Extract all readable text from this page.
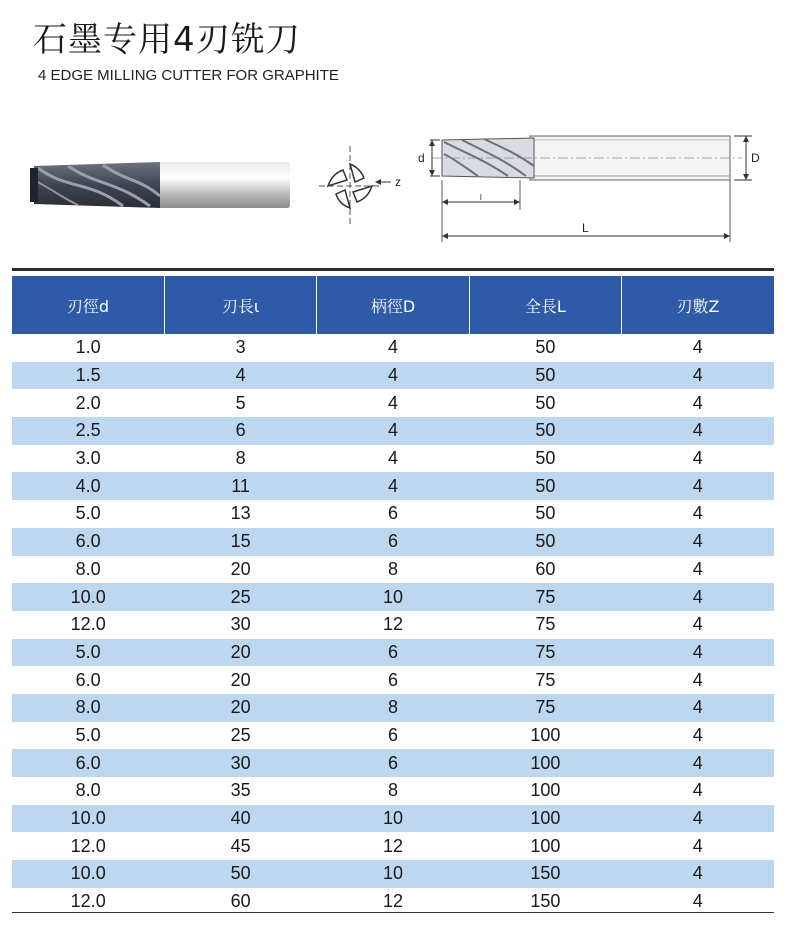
石墨专用4刃铣刀
4 EDGE MILLING CUTTER FOR GRAPHITE
z
d	D
l
L
刃徑d	刃長ι	柄徑D	全長L	刃數Z
1.0	3	4	50	4
1.5	4	4	50	4
2.0	5	4	50	4
2.5	6	4	50	4
3.0	8	4	50	4
4.0	11	4	50	4
5.0	13	6	50	4
6.0	15	6	50	4
8.0	20	8	60	4
10.0	25	10	75	4
12.0	30	12	75	4
5.0	20	6	75	4
6.0	20	6	75	4
8.0	20	8	75	4
5.0	25	6	100	4
6.0	30	6	100	4
8.0	35	8	100	4
10.0	40	10	100	4
12.0	45	12	100	4
10.0	50	10	150	4
12.0	60	12	150	4
